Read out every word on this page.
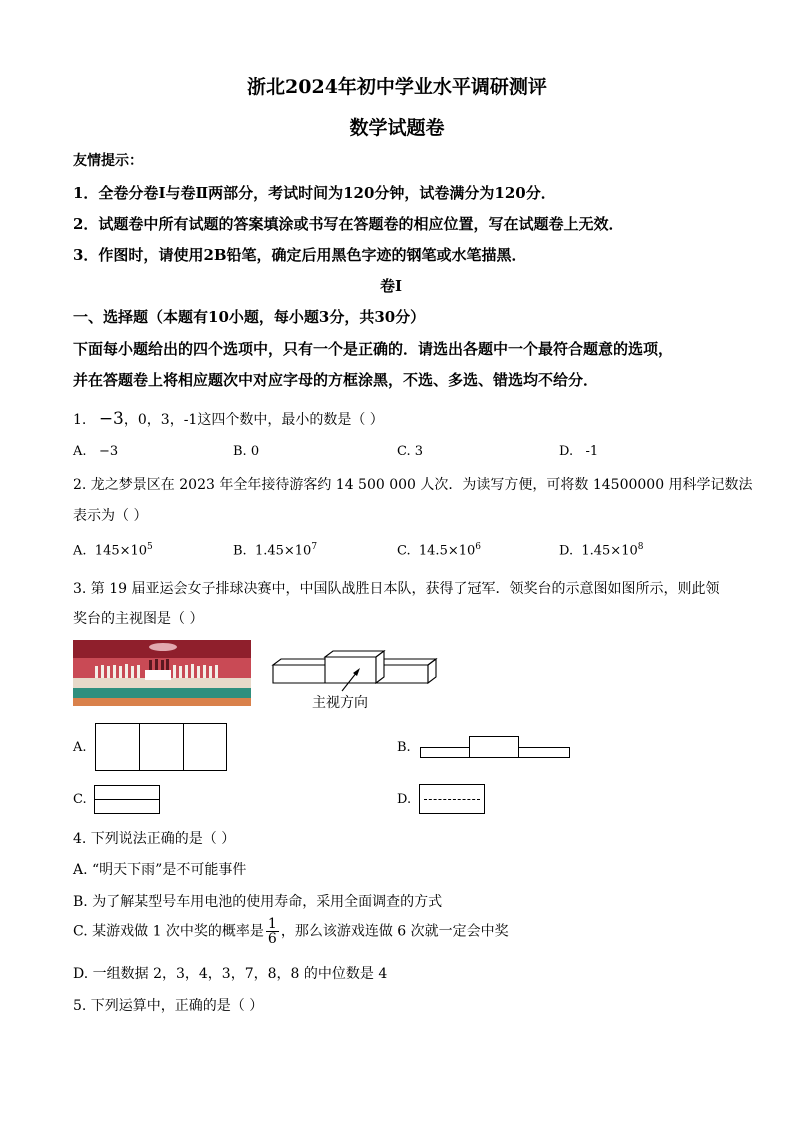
浙北2024年初中学业水平调研测评
数学试题卷
友情提示：
1．全卷分卷Ⅰ与卷Ⅱ两部分，考试时间为120分钟，试卷满分为120分．
2．试题卷中所有试题的答案填涂或书写在答题卷的相应位置，写在试题卷上无效．
3．作图时，请使用2B铅笔，确定后用黑色字迹的钢笔或水笔描黑．
卷Ⅰ
一、选择题（本题有10小题，每小题3分，共30分）
下面每小题给出的四个选项中，只有一个是正确的．请选出各题中一个最符合题意的选项，
并在答题卷上将相应题次中对应字母的方框涂黑，不选、多选、错选均不给分．
1. −3，0，3，-1这四个数中，最小的数是（ ）
A. −3	B. 0	C. 3	D. -1
2. 龙之梦景区在 2023 年全年接待游客约 14 500 000 人次．为读写方便，可将数 14500000 用科学记数法
表示为（ ）
A. $145\times 10^5$	B. $1.45\times 10^7$	C. $14.5\times 10^6$	D. $1.45\times 10^8$
3. 第 19 届亚运会女子排球决赛中，中国队战胜日本队，获得了冠军．领奖台的示意图如图所示，则此领
奖台的主视图是（ ）
主视方向
A.	B.
C.	D.
4. 下列说法正确的是（ ）
A. “明天下雨”是不可能事件
B. 为了解某型号车用电池的使用寿命，采用全面调查的方式
C. 某游戏做 1 次中奖的概率是 $\frac{1}{6}$ ，那么该游戏连做 6 次就一定会中奖
D. 一组数据 2，3，4，3，7，8，8 的中位数是 4
5. 下列运算中，正确的是（ ）
